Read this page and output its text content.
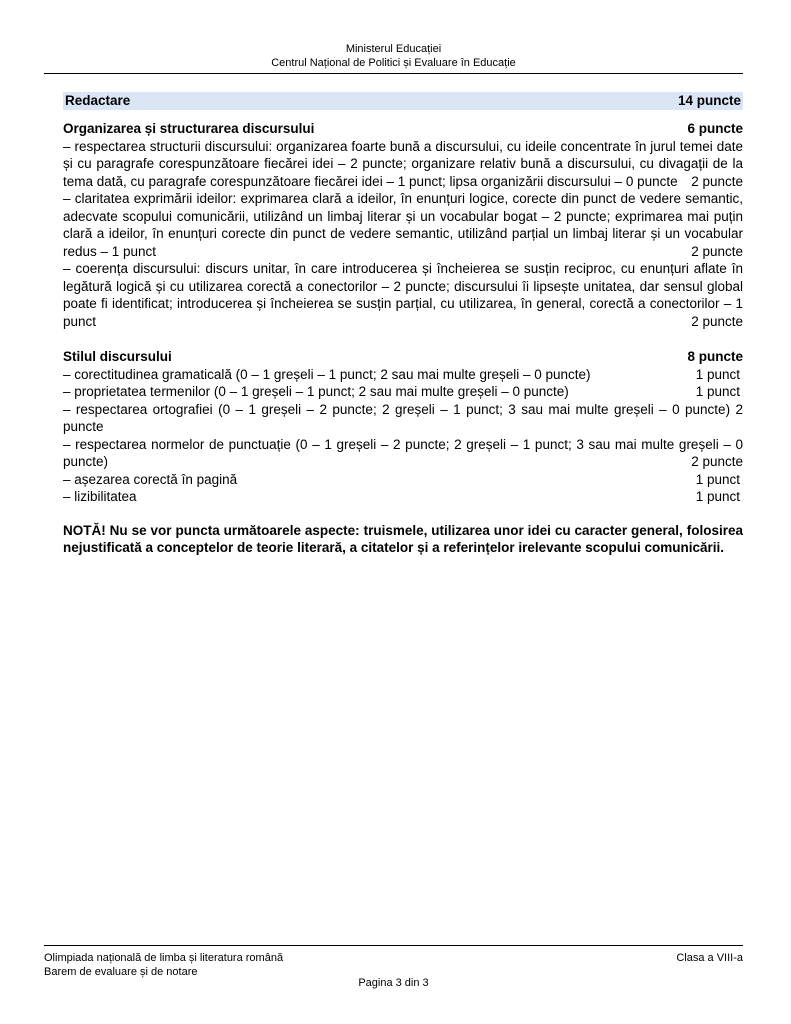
Ministerul Educației
Centrul Național de Politici și Evaluare în Educație
Redactare	14 puncte
Organizarea și structurarea discursului	6 puncte
– respectarea structurii discursului: organizarea foarte bună a discursului, cu ideile concentrate în jurul temei date și cu paragrafe corespunzătoare fiecărei idei – 2 puncte; organizare relativ bună a discursului, cu divagații de la tema dată, cu paragrafe corespunzătoare fiecărei idei – 1 punct; lipsa organizării discursului – 0 puncte	2 puncte
– claritatea exprimării ideilor: exprimarea clară a ideilor, în enunțuri logice, corecte din punct de vedere semantic, adecvate scopului comunicării, utilizând un limbaj literar și un vocabular bogat – 2 puncte; exprimarea mai puțin clară a ideilor, în enunțuri corecte din punct de vedere semantic, utilizând parțial un limbaj literar și un vocabular redus – 1 punct	2 puncte
– coerența discursului: discurs unitar, în care introducerea și încheierea se susțin reciproc, cu enunțuri aflate în legătură logică și cu utilizarea corectă a conectorilor – 2 puncte; discursului îi lipsește unitatea, dar sensul global poate fi identificat; introducerea și încheierea se susțin parțial, cu utilizarea, în general, corectă a conectorilor – 1 punct	2 puncte
Stilul discursului	8 puncte
– corectitudinea gramaticală (0 – 1 greșeli – 1 punct; 2 sau mai multe greșeli – 0 puncte)	1 punct
– proprietatea termenilor (0 – 1 greșeli – 1 punct; 2 sau mai multe greșeli – 0 puncte)	1 punct
– respectarea ortografiei (0 – 1 greșeli – 2 puncte; 2 greșeli – 1 punct; 3 sau mai multe greșeli – 0 puncte) 2 puncte
– respectarea normelor de punctuație (0 – 1 greșeli – 2 puncte; 2 greșeli – 1 punct; 3 sau mai multe greșeli – 0 puncte)	2 puncte
– așezarea corectă în pagină	1 punct
– lizibilitatea	1 punct
NOTĂ! Nu se vor puncta următoarele aspecte: truismele, utilizarea unor idei cu caracter general, folosirea nejustificată a conceptelor de teorie literară, a citatelor și a referințelor irelevante scopului comunicării.
Olimpiada națională de limba și literatura română
Barem de evaluare și de notare
Clasa a VIII-a
Pagina 3 din 3
